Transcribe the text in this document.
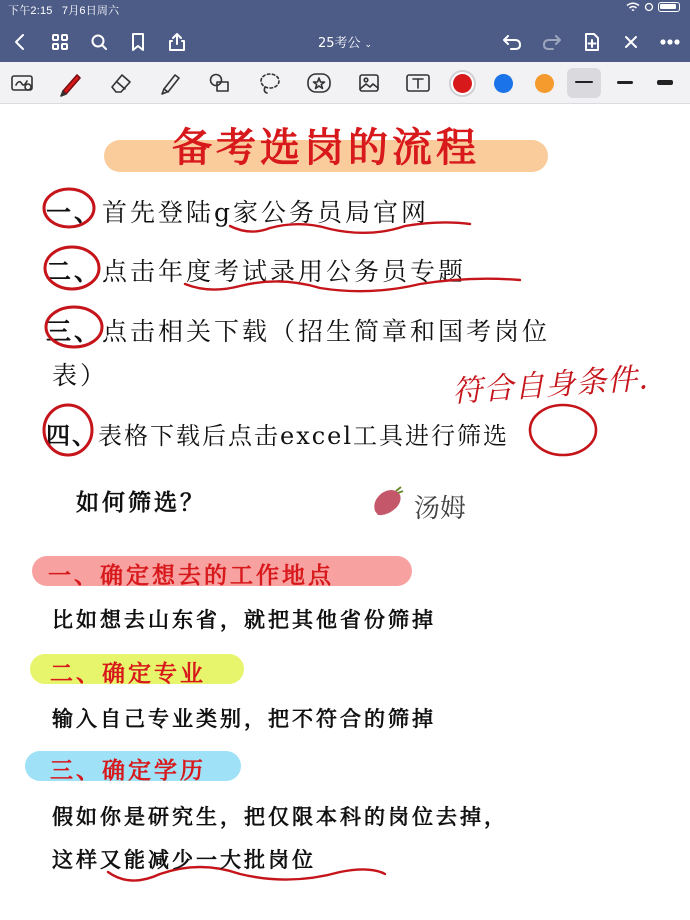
下午2:15 7月6日周六
25考公 ⌄
备考选岗的流程
一、首先登陆g家公务员局官网
二、点击年度考试录用公务员专题
三、点击相关下载（招生简章和国考岗位
表）	符合自身条件.
四、表格下载后点击excel工具进行筛选
如何筛选？	汤姆
一、确定想去的工作地点
比如想去山东省，就把其他省份筛掉
二、确定专业
输入自己专业类别，把不符合的筛掉
三、确定学历
假如你是研究生，把仅限本科的岗位去掉，
这样又能减少一大批岗位
